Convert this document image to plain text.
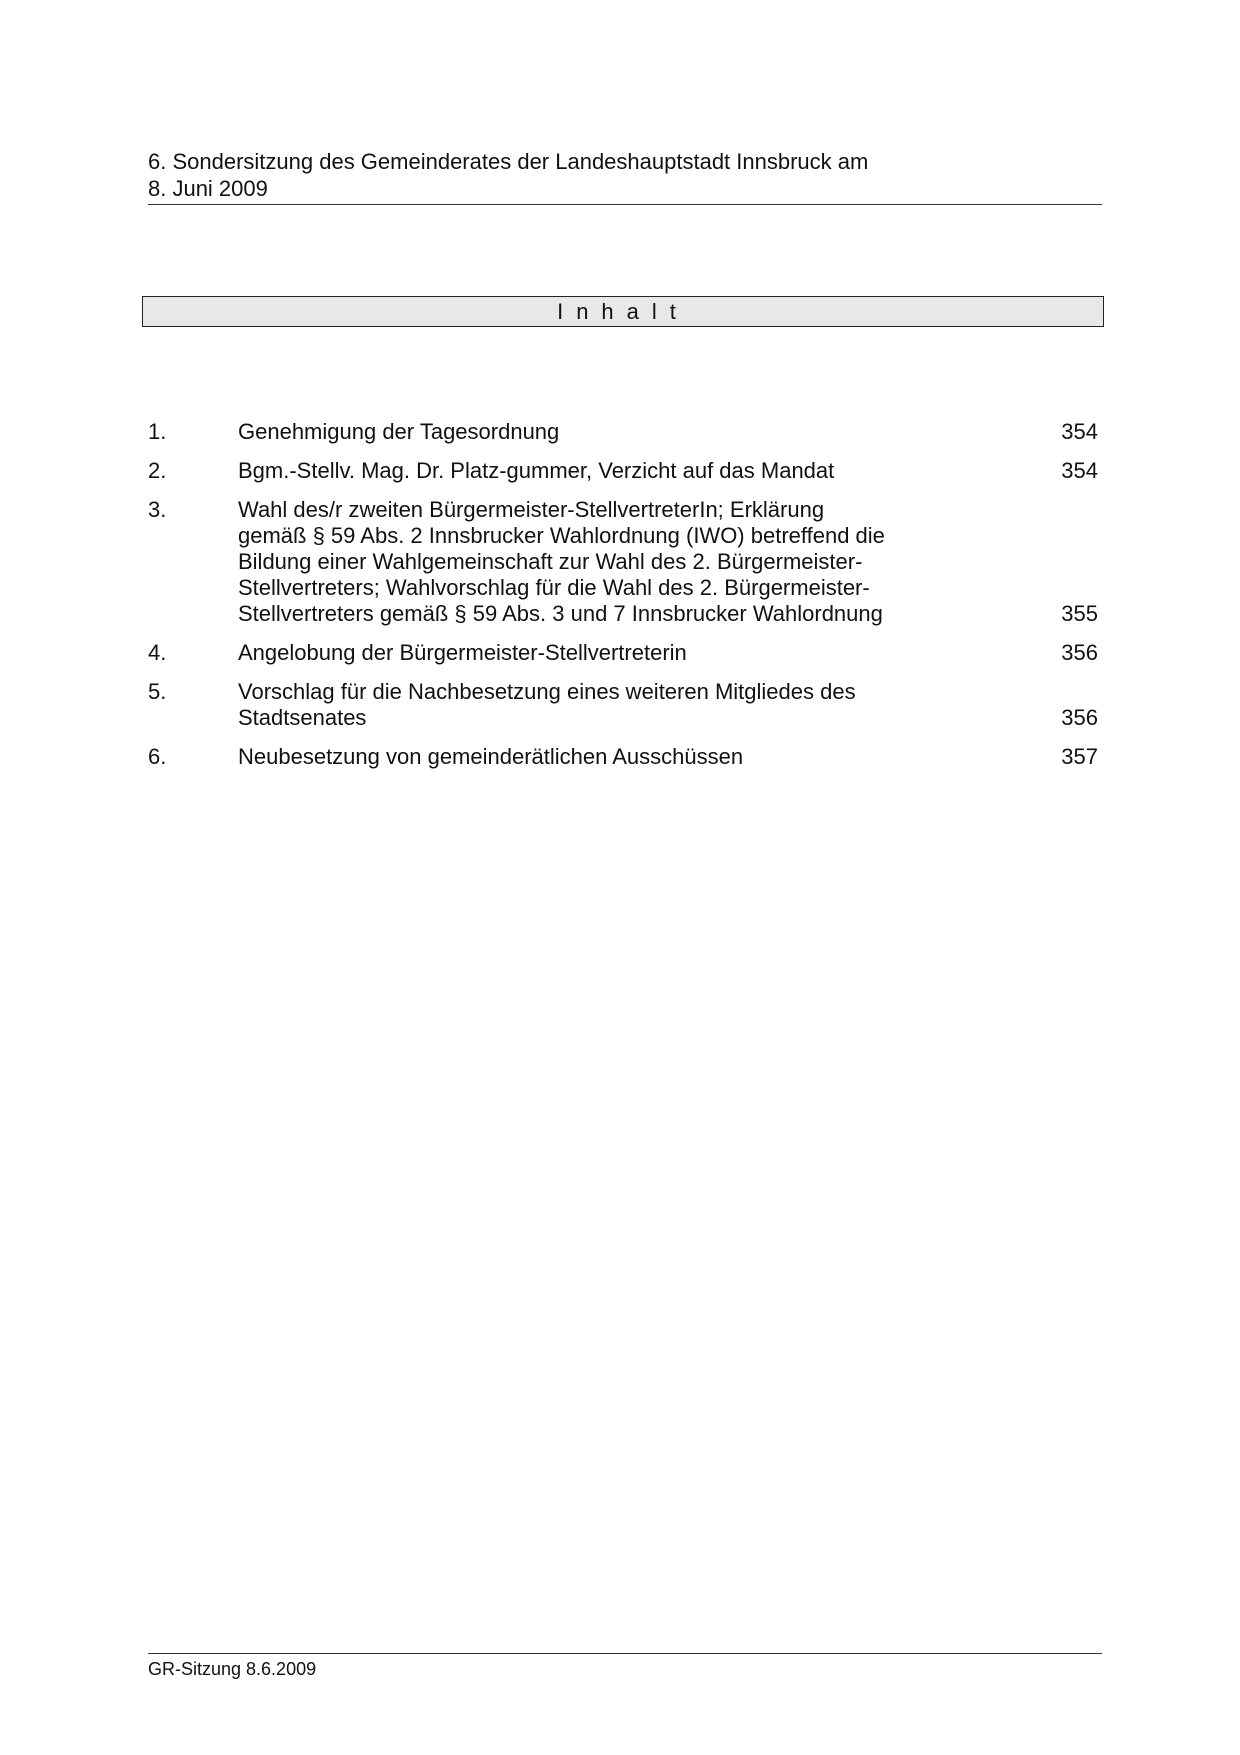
6. Sondersitzung des Gemeinderates der Landeshauptstadt Innsbruck am
8. Juni 2009
Inhalt
1.	Genehmigung der Tagesordnung	354
2.	Bgm.-Stellv. Mag. Dr. Platz-gummer, Verzicht auf das Mandat	354
3.	Wahl des/r zweiten Bürgermeister-StellvertreterIn; Erklärung
gemäß § 59 Abs. 2 Innsbrucker Wahlordnung (IWO) betreffend die
Bildung einer Wahlgemeinschaft zur Wahl des 2. Bürgermeister-
Stellvertreters; Wahlvorschlag für die Wahl des 2. Bürgermeister-
Stellvertreters gemäß § 59 Abs. 3 und 7 Innsbrucker Wahlordnung	355
4.	Angelobung der Bürgermeister-Stellvertreterin	356
5.	Vorschlag für die Nachbesetzung eines weiteren Mitgliedes des
Stadtsenates	356
6.	Neubesetzung von gemeinderätlichen Ausschüssen	357
GR-Sitzung 8.6.2009
